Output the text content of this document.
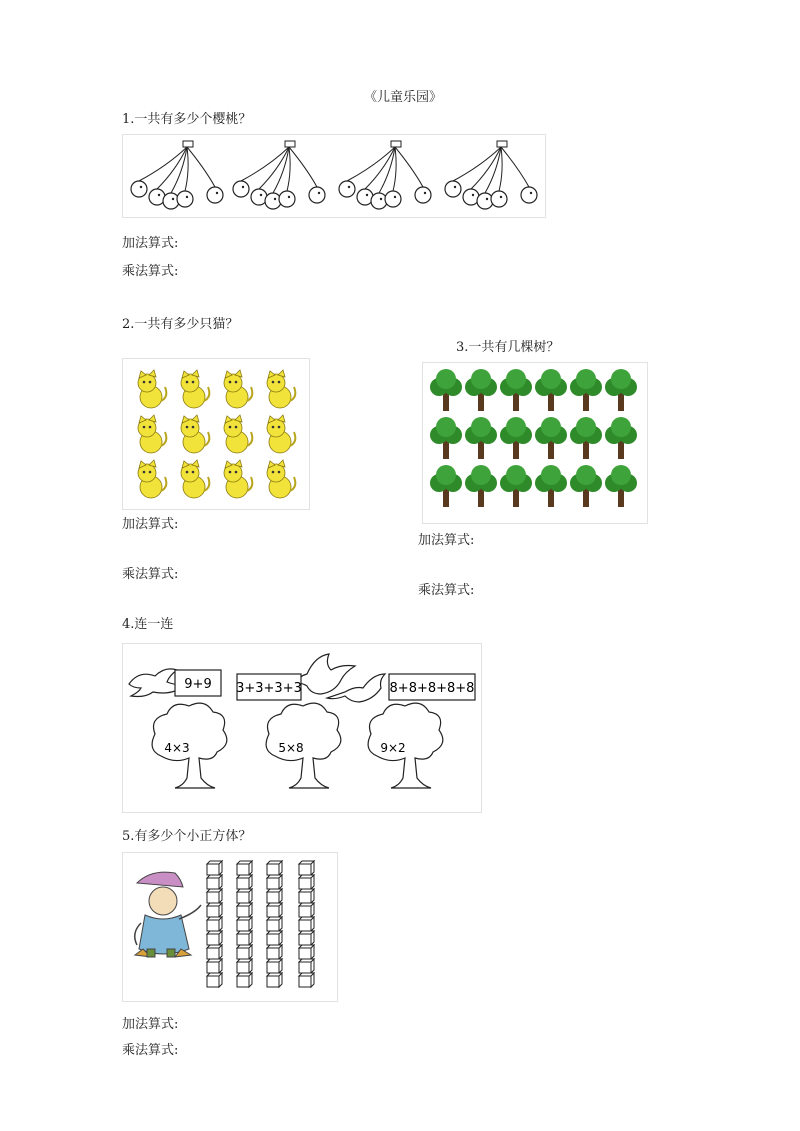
《儿童乐园》
1.一共有多少个樱桃？
加法算式:
乘法算式:
2.一共有多少只猫？
加法算式:
乘法算式:
3.一共有几棵树？
加法算式:
乘法算式:
4.连一连
9+9 3+3+3+3	8+8+8+8+8
4×3	5×8	9×2
5.有多少个小正方体？
加法算式:
乘法算式:
